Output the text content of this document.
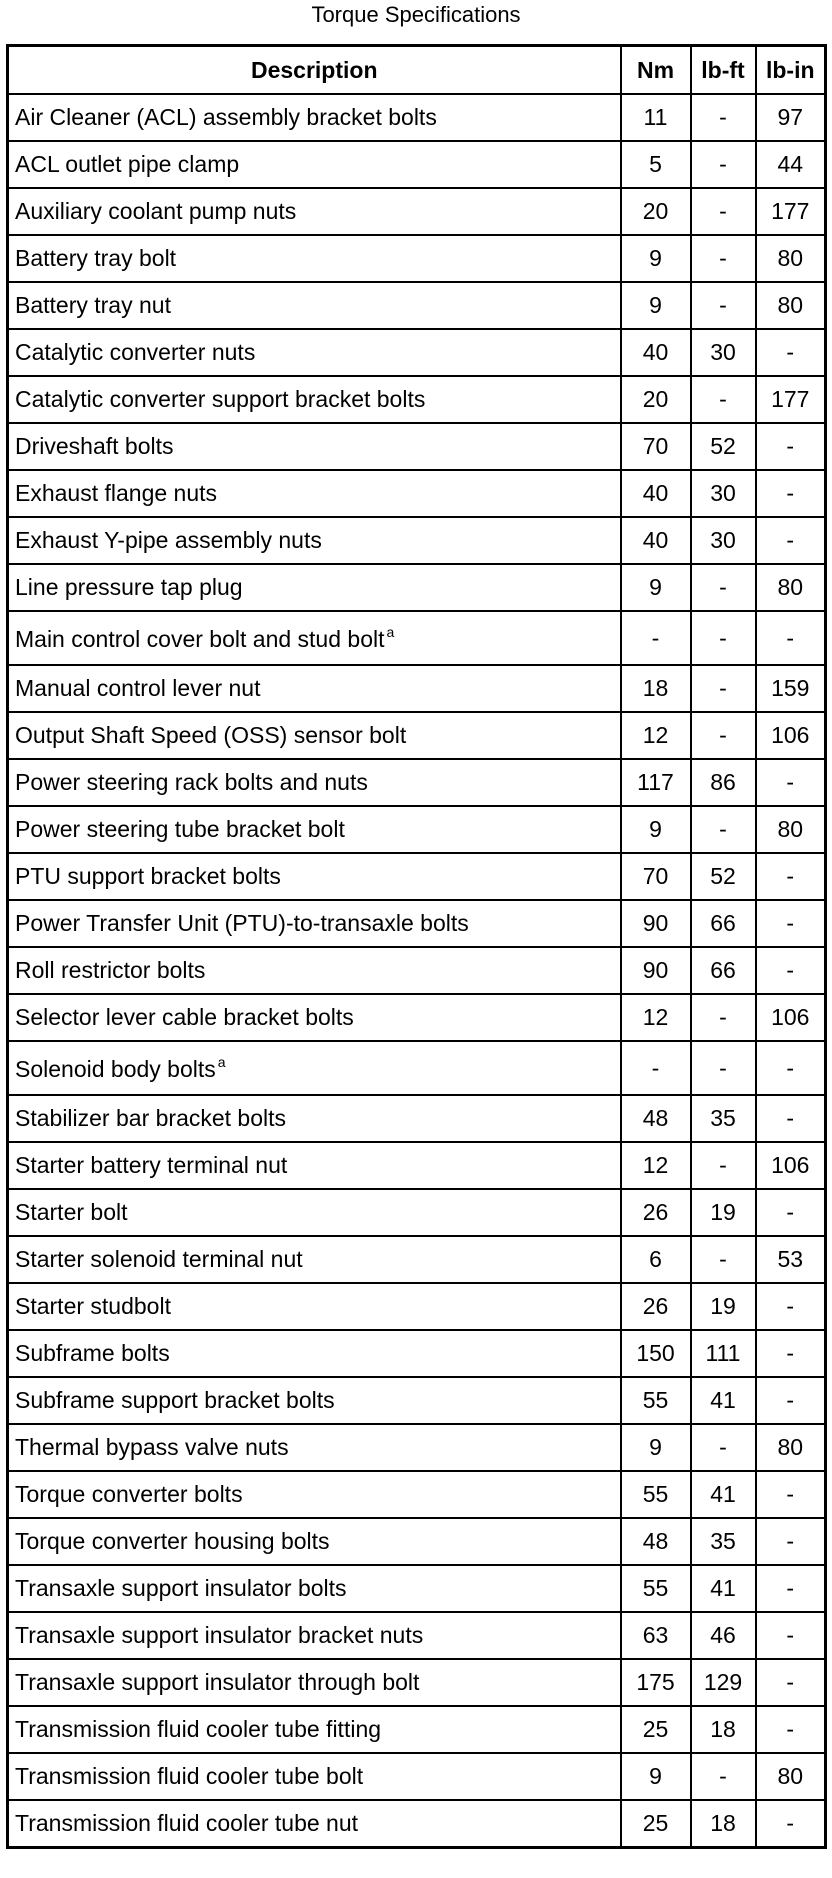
Torque Specifications
Description	Nm	lb-ft	lb-in
Air Cleaner (ACL) assembly bracket bolts	11	-	97
ACL outlet pipe clamp	5	-	44
Auxiliary coolant pump nuts	20	-	177
Battery tray bolt	9	-	80
Battery tray nut	9	-	80
Catalytic converter nuts	40	30	-
Catalytic converter support bracket bolts	20	-	177
Driveshaft bolts	70	52	-
Exhaust flange nuts	40	30	-
Exhaust Y-pipe assembly nuts	40	30	-
Line pressure tap plug	9	-	80
Main control cover bolt and stud bolt $^a$	-	-	-
Manual control lever nut	18	-	159
Output Shaft Speed (OSS) sensor bolt	12	-	106
Power steering rack bolts and nuts	117	86	-
Power steering tube bracket bolt	9	-	80
PTU support bracket bolts	70	52	-
Power Transfer Unit (PTU)-to-transaxle bolts	90	66	-
Roll restrictor bolts	90	66	-
Selector lever cable bracket bolts	12	-	106
Solenoid body bolts $^a$	-	-	-
Stabilizer bar bracket bolts	48	35	-
Starter battery terminal nut	12	-	106
Starter bolt	26	19	-
Starter solenoid terminal nut	6	-	53
Starter studbolt	26	19	-
Subframe bolts	150	111	-
Subframe support bracket bolts	55	41	-
Thermal bypass valve nuts	9	-	80
Torque converter bolts	55	41	-
Torque converter housing bolts	48	35	-
Transaxle support insulator bolts	55	41	-
Transaxle support insulator bracket nuts	63	46	-
Transaxle support insulator through bolt	175	129	-
Transmission fluid cooler tube fitting	25	18	-
Transmission fluid cooler tube bolt	9	-	80
Transmission fluid cooler tube nut	25	18	-
